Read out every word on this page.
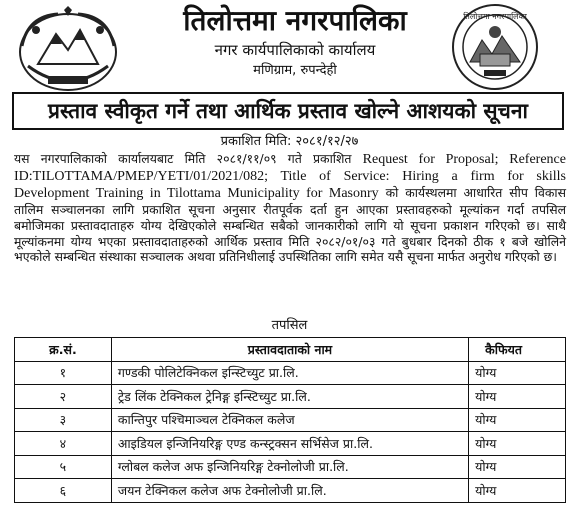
तिलोत्तमा नगरपालिका
नगर कार्यपालिकाको कार्यालय
मणिग्राम, रुपन्देही
तिलोत्तमा नगरपालिका
प्रस्ताव स्वीकृत गर्ने तथा आर्थिक प्रस्ताव खोल्ने आशयको सूचना
प्रकाशित मिति: २०८१/१२/२७

यस नगरपालिकाको कार्यालयबाट मिति २०८१/११/०९ गते प्रकाशित Request for Proposal; Reference ID:TILOTTAMA/PMEP/YETI/01/2021/082; Title of Service: Hiring a firm for skills Development Training in Tilottama Municipality for Masonry को कार्यस्थलमा आधारित सीप विकास तालिम सञ्चालनका लागि प्रकाशित सूचना अनुसार रीतपूर्वक दर्ता हुन आएका प्रस्तावहरुको मूल्यांकन गर्दा तपसिल बमोजिमका प्रस्तावदाताहरु योग्य देखिएकोले सम्बन्धित सबैको जानकारीको लागि यो सूचना प्रकाशन गरिएको छ। साथै मूल्यांकनमा योग्य भएका प्रस्तावदाताहरुको आर्थिक प्रस्ताव मिति २०८२/०१/०३ गते बुधबार दिनको ठीक १ बजे खोलिने भएकोले सम्बन्धित संस्थाका सञ्चालक अथवा प्रतिनिधीलाई उपस्थितिका लागि समेत यसै सूचना मार्फत अनुरोध गरिएको छ।

तपसिल
क्र.सं.	प्रस्तावदाताको नाम	कैफियत
१	गण्डकी पोलिटेक्निकल इन्स्टिच्युट प्रा.लि.	योग्य
२	ट्रेड लिंक टेक्निकल ट्रेनिङ्ग इन्स्टिच्युट प्रा.लि.	योग्य
३	कान्तिपुर पश्चिमाञ्चल टेक्निकल कलेज	योग्य
४	आइडियल इन्जिनियरिङ्ग एण्ड कन्स्ट्रक्सन सर्भिसेज प्रा.लि.	योग्य
५	ग्लोबल कलेज अफ इन्जिनियरिङ्ग टेक्नोलोजी प्रा.लि.	योग्य
६	जयन टेक्निकल कलेज अफ टेक्नोलोजी प्रा.लि.	योग्य
